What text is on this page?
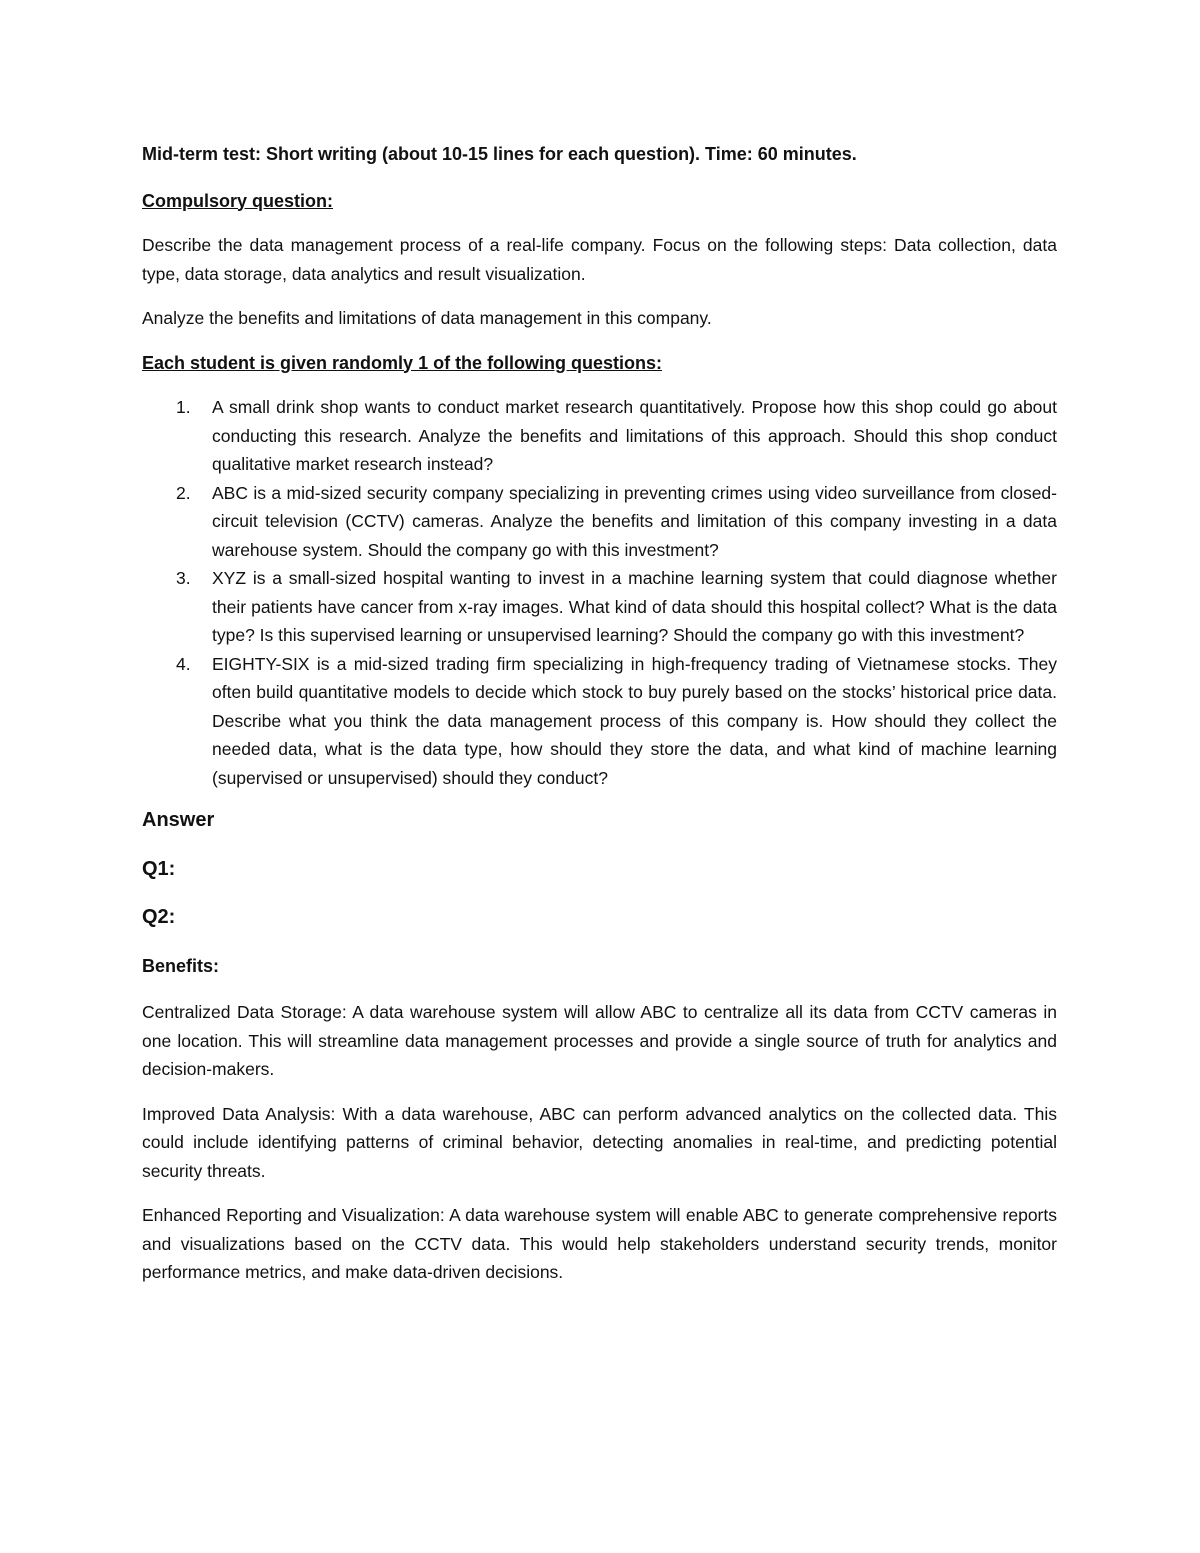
Mid-term test: Short writing (about 10-15 lines for each question). Time: 60 minutes.

Compulsory question:

Describe the data management process of a real-life company. Focus on the following steps: Data collection, data type, data storage, data analytics and result visualization.

Analyze the benefits and limitations of data management in this company.

Each student is given randomly 1 of the following questions:

1. A small drink shop wants to conduct market research quantitatively. Propose how this shop could go about conducting this research. Analyze the benefits and limitations of this approach. Should this shop conduct qualitative market research instead?
2. ABC is a mid-sized security company specializing in preventing crimes using video surveillance from closed-circuit television (CCTV) cameras. Analyze the benefits and limitation of this company investing in a data warehouse system. Should the company go with this investment?
3. XYZ is a small-sized hospital wanting to invest in a machine learning system that could diagnose whether their patients have cancer from x-ray images. What kind of data should this hospital collect? What is the data type? Is this supervised learning or unsupervised learning? Should the company go with this investment?
4. EIGHTY-SIX is a mid-sized trading firm specializing in high-frequency trading of Vietnamese stocks. They often build quantitative models to decide which stock to buy purely based on the stocks’ historical price data. Describe what you think the data management process of this company is. How should they collect the needed data, what is the data type, how should they store the data, and what kind of machine learning (supervised or unsupervised) should they conduct?

Answer

Q1:

Q2:

Benefits:

Centralized Data Storage: A data warehouse system will allow ABC to centralize all its data from CCTV cameras in one location. This will streamline data management processes and provide a single source of truth for analytics and decision-makers.

Improved Data Analysis: With a data warehouse, ABC can perform advanced analytics on the collected data. This could include identifying patterns of criminal behavior, detecting anomalies in real-time, and predicting potential security threats.

Enhanced Reporting and Visualization: A data warehouse system will enable ABC to generate comprehensive reports and visualizations based on the CCTV data. This would help stakeholders understand security trends, monitor performance metrics, and make data-driven decisions.
